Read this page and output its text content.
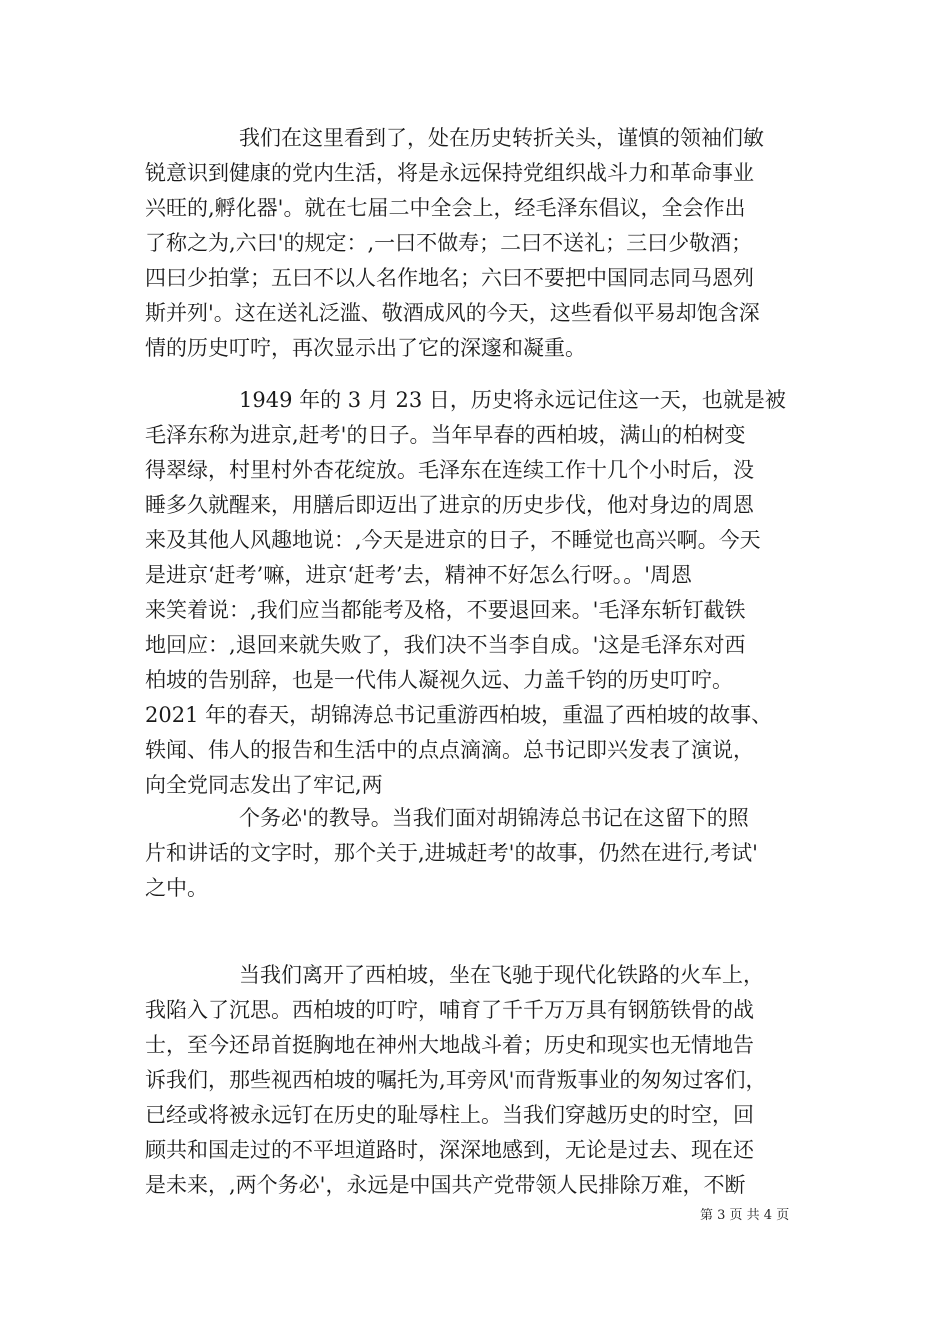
我们在这里看到了，处在历史转折关头，谨慎的领袖们敏
锐意识到健康的党内生活，将是永远保持党组织战斗力和革命事业
兴旺的,孵化器'。就在七届二中全会上，经毛泽东倡议，全会作出
了称之为,六曰'的规定：,一曰不做寿；二曰不送礼；三曰少敬酒；
四曰少拍掌；五曰不以人名作地名；六曰不要把中国同志同马恩列
斯并列'。这在送礼泛滥、敬酒成风的今天，这些看似平易却饱含深
情的历史叮咛，再次显示出了它的深邃和凝重。
1949 年的 3 月 23 日，历史将永远记住这一天，也就是被
毛泽东称为进京,赶考'的日子。当年早春的西柏坡，满山的柏树变
得翠绿，村里村外杏花绽放。毛泽东在连续工作十几个小时后，没
睡多久就醒来，用膳后即迈出了进京的历史步伐，他对身边的周恩
来及其他人风趣地说：,今天是进京的日子，不睡觉也高兴啊。今天
是进京‘赶考’嘛，进京‘赶考’去，精神不好怎么行呀。。'周恩
来笑着说：,我们应当都能考及格，不要退回来。'毛泽东斩钉截铁
地回应：,退回来就失败了，我们决不当李自成。'这是毛泽东对西
柏坡的告别辞，也是一代伟人凝视久远、力盖千钧的历史叮咛。
2021 年的春天，胡锦涛总书记重游西柏坡，重温了西柏坡的故事、
轶闻、伟人的报告和生活中的点点滴滴。总书记即兴发表了演说，
向全党同志发出了牢记,两
个务必'的教导。当我们面对胡锦涛总书记在这留下的照
片和讲话的文字时，那个关于,进城赶考'的故事，仍然在进行,考试'
之中。
当我们离开了西柏坡，坐在飞驰于现代化铁路的火车上，
我陷入了沉思。西柏坡的叮咛，哺育了千千万万具有钢筋铁骨的战
士，至今还昂首挺胸地在神州大地战斗着；历史和现实也无情地告
诉我们，那些视西柏坡的嘱托为,耳旁风'而背叛事业的匆匆过客们，
已经或将被永远钉在历史的耻辱柱上。当我们穿越历史的时空，回
顾共和国走过的不平坦道路时，深深地感到，无论是过去、现在还
是未来，,两个务必'，永远是中国共产党带领人民排除万难，不断
第 3 页 共 4 页
